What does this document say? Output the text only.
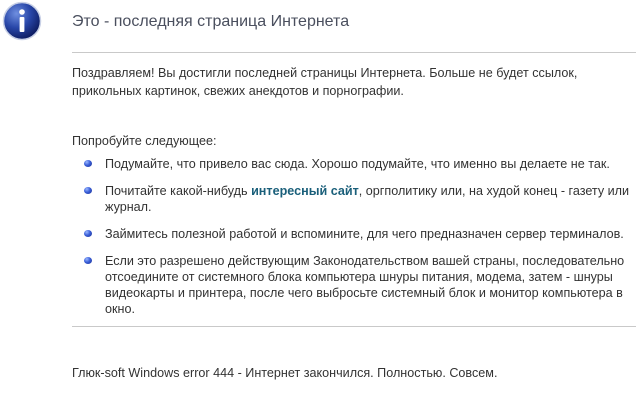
Это - последняя страница Интернета
Поздравляем! Вы достигли последней страницы Интернета. Больше не будет ссылок, прикольных картинок, свежих анекдотов и порнографии.
Попробуйте следующее:
Подумайте, что привело вас сюда. Хорошо подумайте, что именно вы делаете не так.
Почитайте какой-нибудь интересный сайт, оргполитику или, на худой конец - газету или журнал.
Займитесь полезной работой и вспомините, для чего предназначен сервер терминалов.
Если это разрешено действующим Законодательством вашей страны, последовательно отсоедините от системного блока компьютера шнуры питания, модема, затем - шнуры видеокарты и принтера, после чего выбросьте системный блок и монитор компьютера в окно.
Глюк-soft Windows error 444 - Интернет закончился. Полностью. Совсем.
